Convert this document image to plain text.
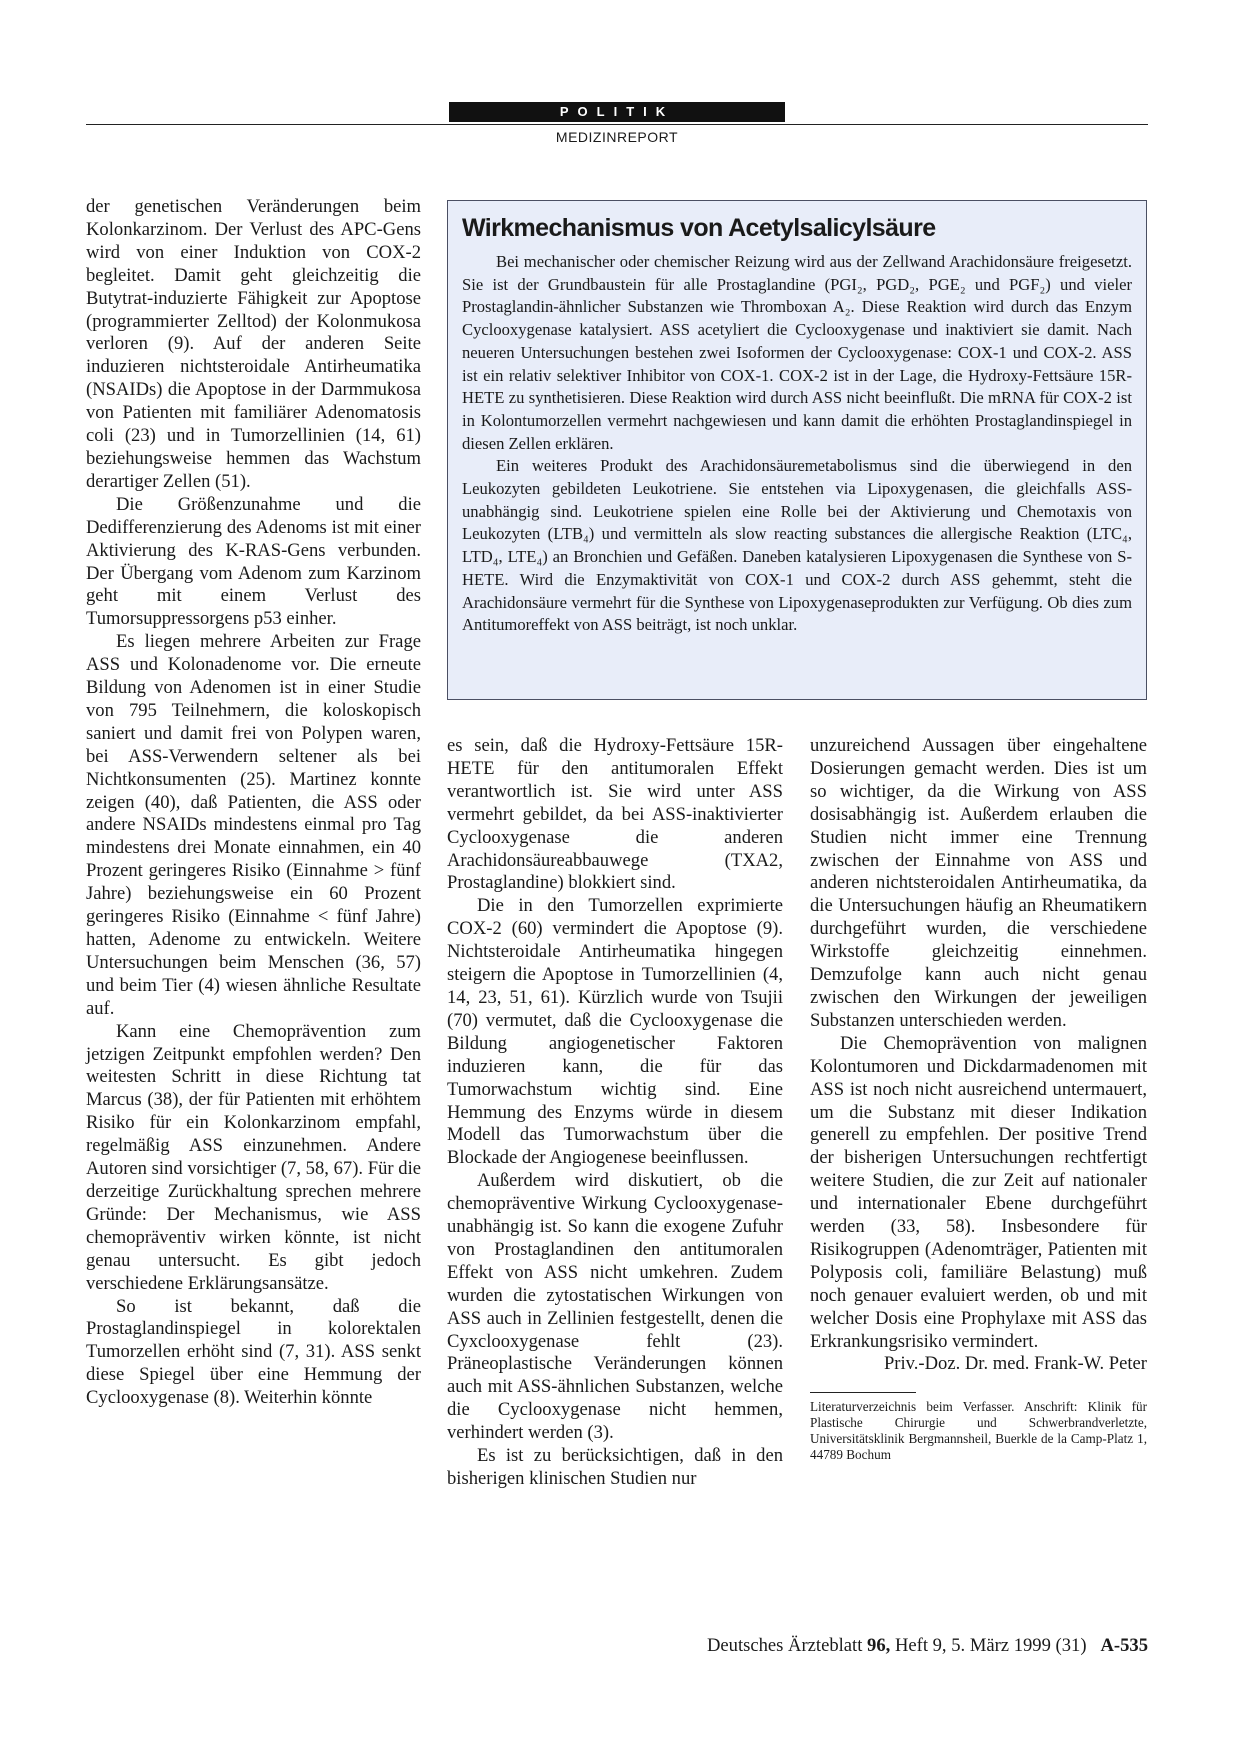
POLITIK
MEDIZINREPORT

der genetischen Veränderungen beim Kolonkarzinom. Der Verlust des APC-Gens wird von einer Induktion von COX-2 begleitet. Damit geht gleichzeitig die Butytrat-induzierte Fähigkeit zur Apoptose (programmierter Zelltod) der Kolonmukosa verloren (9). Auf der anderen Seite induzieren nichtsteroidale Antirheumatika (NSAIDs) die Apoptose in der Darmmukosa von Patienten mit familiärer Adenomatosis coli (23) und in Tumorzellinien (14, 61) beziehungsweise hemmen das Wachstum derartiger Zellen (51).

Die Größenzunahme und die Dedifferenzierung des Adenoms ist mit einer Aktivierung des K-RAS-Gens verbunden. Der Übergang vom Adenom zum Karzinom geht mit einem Verlust des Tumorsuppressorgens p53 einher.

Es liegen mehrere Arbeiten zur Frage ASS und Kolonadenome vor. Die erneute Bildung von Adenomen ist in einer Studie von 795 Teilnehmern, die koloskopisch saniert und damit frei von Polypen waren, bei ASS-Verwendern seltener als bei Nichtkonsumenten (25). Martinez konnte zeigen (40), daß Patienten, die ASS oder andere NSAIDs mindestens einmal pro Tag mindestens drei Monate einnahmen, ein 40 Prozent geringeres Risiko (Einnahme > fünf Jahre) beziehungsweise ein 60 Prozent geringeres Risiko (Einnahme < fünf Jahre) hatten, Adenome zu entwickeln. Weitere Untersuchungen beim Menschen (36, 57) und beim Tier (4) wiesen ähnliche Resultate auf.

Kann eine Chemoprävention zum jetzigen Zeitpunkt empfohlen werden? Den weitesten Schritt in diese Richtung tat Marcus (38), der für Patienten mit erhöhtem Risiko für ein Kolonkarzinom empfahl, regelmäßig ASS einzunehmen. Andere Autoren sind vorsichtiger (7, 58, 67). Für die derzeitige Zurückhaltung sprechen mehrere Gründe: Der Mechanismus, wie ASS chemopräventiv wirken könnte, ist nicht genau untersucht. Es gibt jedoch verschiedene Erklärungsansätze.

So ist bekannt, daß die Prostaglandinspiegel in kolorektalen Tumorzellen erhöht sind (7, 31). ASS senkt diese Spiegel über eine Hemmung der Cyclooxygenase (8). Weiterhin könnte

Wirkmechanismus von Acetylsalicylsäure

Bei mechanischer oder chemischer Reizung wird aus der Zellwand Arachidonsäure freigesetzt. Sie ist der Grundbaustein für alle Prostaglandine (PGI₂, PGD₂, PGE₂ und PGF₂) und vieler Prostaglandin-ähnlicher Substanzen wie Thromboxan A₂. Diese Reaktion wird durch das Enzym Cyclooxygenase katalysiert. ASS acetyliert die Cyclooxygenase und inaktiviert sie damit. Nach neueren Untersuchungen bestehen zwei Isoformen der Cyclooxygenase: COX-1 und COX-2. ASS ist ein relativ selektiver Inhibitor von COX-1. COX-2 ist in der Lage, die Hydroxy-Fettsäure 15R-HETE zu synthetisieren. Diese Reaktion wird durch ASS nicht beeinflußt. Die mRNA für COX-2 ist in Kolontumorzellen vermehrt nachgewiesen und kann damit die erhöhten Prostaglandinspiegel in diesen Zellen erklären.

Ein weiteres Produkt des Arachidonsäuremetabolismus sind die überwiegend in den Leukozyten gebildeten Leukotriene. Sie entstehen via Lipoxygenasen, die gleichfalls ASS-unabhängig sind. Leukotriene spielen eine Rolle bei der Aktivierung und Chemotaxis von Leukozyten (LTB₄) und vermitteln als slow reacting substances die allergische Reaktion (LTC₄, LTD₄, LTE₄) an Bronchien und Gefäßen. Daneben katalysieren Lipoxygenasen die Synthese von S-HETE. Wird die Enzymaktivität von COX-1 und COX-2 durch ASS gehemmt, steht die Arachidonsäure vermehrt für die Synthese von Lipoxygenaseprodukten zur Verfügung. Ob dies zum Antitumoreffekt von ASS beiträgt, ist noch unklar.

es sein, daß die Hydroxy-Fettsäure 15R-HETE für den antitumoralen Effekt verantwortlich ist. Sie wird unter ASS vermehrt gebildet, da bei ASS-inaktivierter Cyclooxygenase die anderen Arachidonsäureabbauwege (TXA2, Prostaglandine) blokkiert sind.

Die in den Tumorzellen exprimierte COX-2 (60) vermindert die Apoptose (9). Nichtsteroidale Antirheumatika hingegen steigern die Apoptose in Tumorzellinien (4, 14, 23, 51, 61). Kürzlich wurde von Tsujii (70) vermutet, daß die Cyclooxygenase die Bildung angiogenetischer Faktoren induzieren kann, die für das Tumorwachstum wichtig sind. Eine Hemmung des Enzyms würde in diesem Modell das Tumorwachstum über die Blockade der Angiogenese beeinflussen.

Außerdem wird diskutiert, ob die chemopräventive Wirkung Cyclooxygenase-unabhängig ist. So kann die exogene Zufuhr von Prostaglandinen den antitumoralen Effekt von ASS nicht umkehren. Zudem wurden die zytostatischen Wirkungen von ASS auch in Zellinien festgestellt, denen die Cyxclooxygenase fehlt (23). Präneoplastische Veränderungen können auch mit ASS-ähnlichen Substanzen, welche die Cyclooxygenase nicht hemmen, verhindert werden (3).

Es ist zu berücksichtigen, daß in den bisherigen klinischen Studien nur

unzureichend Aussagen über eingehaltene Dosierungen gemacht werden. Dies ist um so wichtiger, da die Wirkung von ASS dosisabhängig ist. Außerdem erlauben die Studien nicht immer eine Trennung zwischen der Einnahme von ASS und anderen nichtsteroidalen Antirheumatika, da die Untersuchungen häufig an Rheumatikern durchgeführt wurden, die verschiedene Wirkstoffe gleichzeitig einnehmen. Demzufolge kann auch nicht genau zwischen den Wirkungen der jeweiligen Substanzen unterschieden werden.

Die Chemoprävention von malignen Kolontumoren und Dickdarmadenomen mit ASS ist noch nicht ausreichend untermauert, um die Substanz mit dieser Indikation generell zu empfehlen. Der positive Trend der bisherigen Untersuchungen rechtfertigt weitere Studien, die zur Zeit auf nationaler und internationaler Ebene durchgeführt werden (33, 58). Insbesondere für Risikogruppen (Adenomträger, Patienten mit Polyposis coli, familiäre Belastung) muß noch genauer evaluiert werden, ob und mit welcher Dosis eine Prophylaxe mit ASS das Erkrankungsrisiko vermindert.

Priv.-Doz. Dr. med. Frank-W. Peter

Literaturverzeichnis beim Verfasser. Anschrift: Klinik für Plastische Chirurgie und Schwerbrandverletzte, Universitätsklinik Bergmannsheil, Buerkle de la Camp-Platz 1, 44789 Bochum

Deutsches Ärzteblatt 96, Heft 9, 5. März 1999 (31) A-535
